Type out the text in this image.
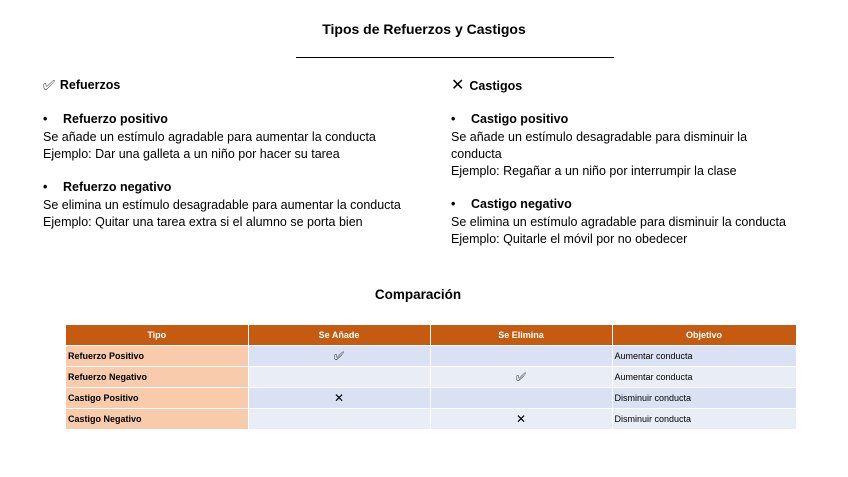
Tipos de Refuerzos y Castigos
✅︎ Refuerzos
•	Refuerzo positivo
Se añade un estímulo agradable para aumentar la conducta
Ejemplo: Dar una galleta a un niño por hacer su tarea
•	Refuerzo negativo
Se elimina un estímulo desagradable para aumentar la conducta
Ejemplo: Quitar una tarea extra si el alumno se porta bien
✕ Castigos
•	Castigo positivo
Se añade un estímulo desagradable para disminuir la conducta
Ejemplo: Regañar a un niño por interrumpir la clase
•	Castigo negativo
Se elimina un estímulo agradable para disminuir la conducta
Ejemplo: Quitarle el móvil por no obedecer
Comparación
Tipo	Se Añade	Se Elimina	Objetivo
Refuerzo Positivo	✅︎		Aumentar conducta
Refuerzo Negativo		✅︎	Aumentar conducta
Castigo Positivo	✕		Disminuir conducta
Castigo Negativo		✕	Disminuir conducta
